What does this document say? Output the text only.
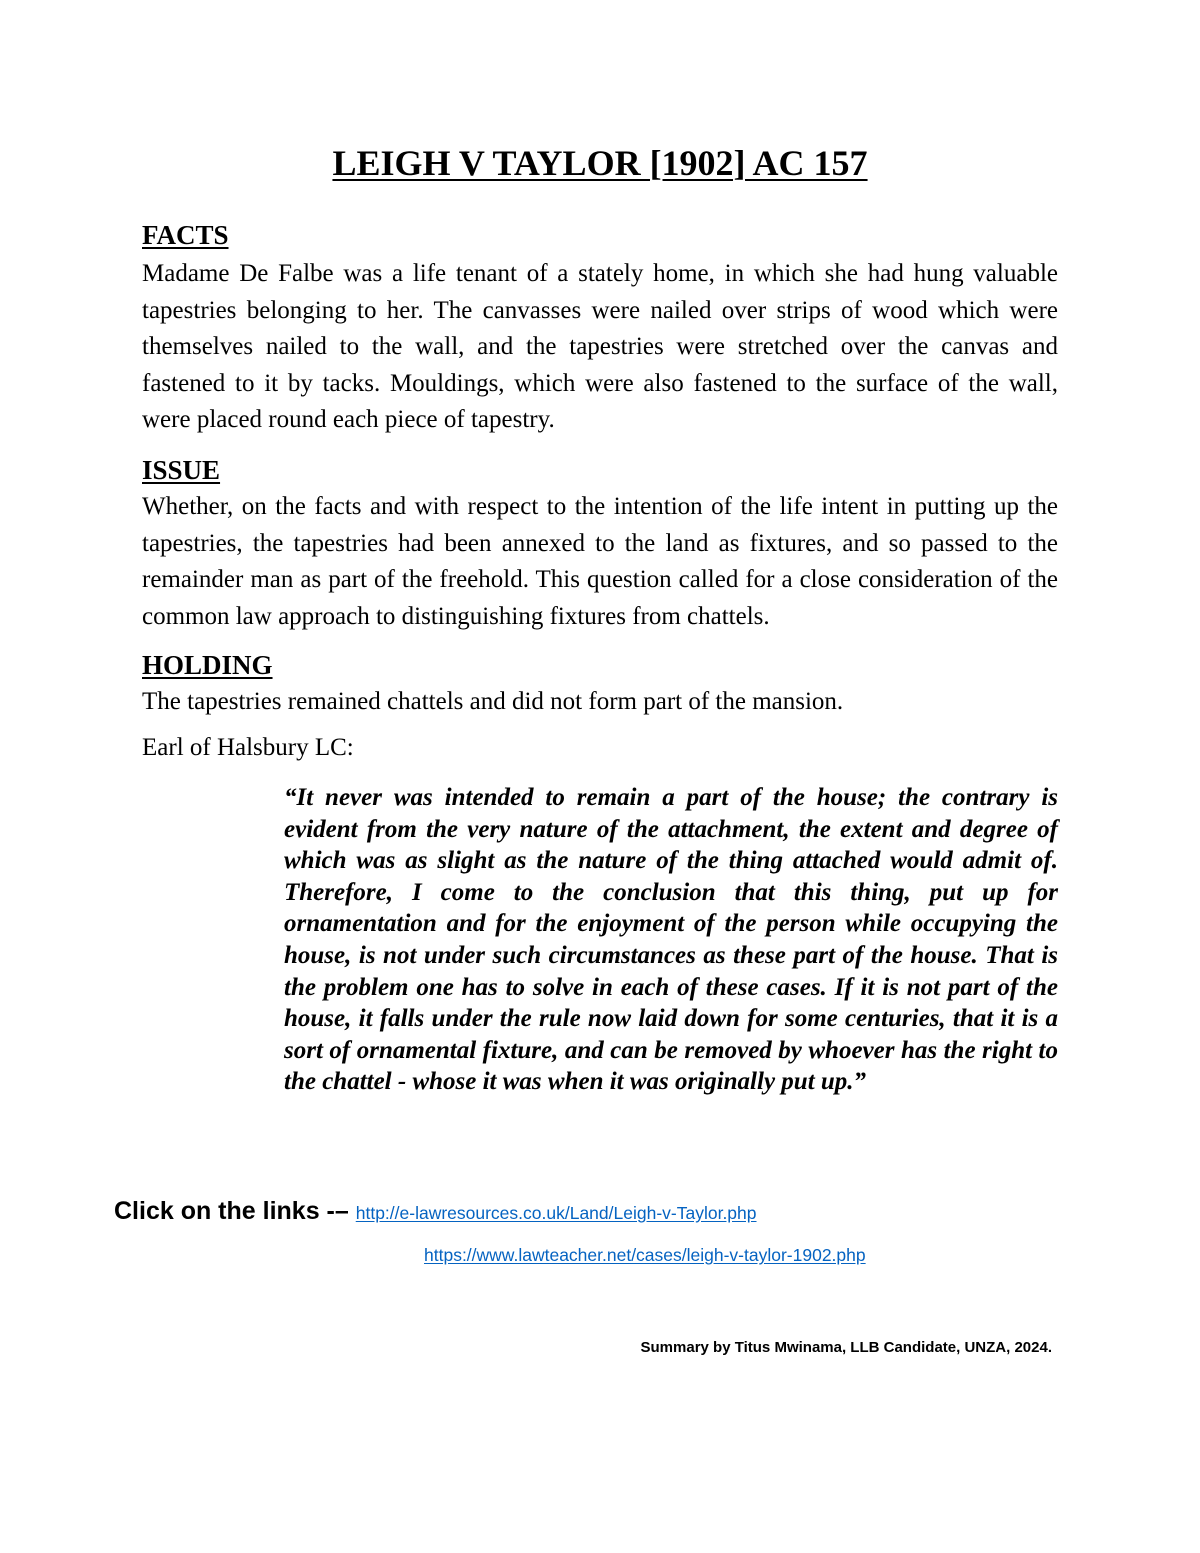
LEIGH V TAYLOR [1902] AC 157
FACTS

Madame De Falbe was a life tenant of a stately home, in which she had hung valuable tapestries belonging to her. The canvasses were nailed over strips of wood which were themselves nailed to the wall, and the tapestries were stretched over the canvas and fastened to it by tacks. Mouldings, which were also fastened to the surface of the wall, were placed round each piece of tapestry.

ISSUE

Whether, on the facts and with respect to the intention of the life intent in putting up the tapestries, the tapestries had been annexed to the land as fixtures, and so passed to the remainder man as part of the freehold. This question called for a close consideration of the common law approach to distinguishing fixtures from chattels.

HOLDING

The tapestries remained chattels and did not form part of the mansion.

Earl of Halsbury LC:

“It never was intended to remain a part of the house; the contrary is evident from the very nature of the attachment, the extent and degree of which was as slight as the nature of the thing attached would admit of. Therefore, I come to the conclusion that this thing, put up for ornamentation and for the enjoyment of the person while occupying the house, is not under such circumstances as these part of the house. That is the problem one has to solve in each of these cases. If it is not part of the house, it falls under the rule now laid down for some centuries, that it is a sort of ornamental fixture, and can be removed by whoever has the right to the chattel - whose it was when it was originally put up.”

Click on the links -– http://e-lawresources.co.uk/Land/Leigh-v-Taylor.php
https://www.lawteacher.net/cases/leigh-v-taylor-1902.php
Summary by Titus Mwinama, LLB Candidate, UNZA, 2024.
